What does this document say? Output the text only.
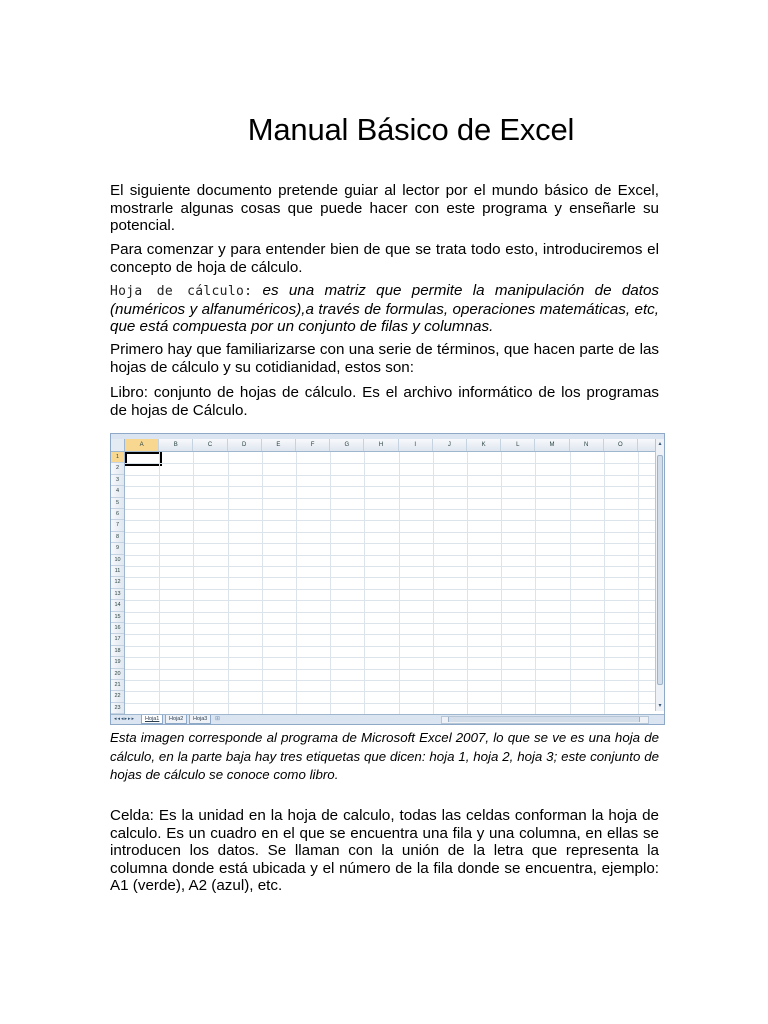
Manual Básico de Excel

El siguiente documento pretende guiar al lector por el mundo básico de Excel, mostrarle algunas cosas que puede hacer con este programa y enseñarle su potencial.

Para comenzar y para entender bien de que se trata todo esto, introduciremos el concepto de hoja de cálculo.

Hoja de cálculo: es una matriz que permite la manipulación de datos (numéricos y alfanuméricos),a través de formulas, operaciones matemáticas, etc, que está compuesta por un conjunto de filas y columnas.

Primero hay que familiarizarse con una serie de términos, que hacen parte de las hojas de cálculo y su cotidianidad, estos son:

Libro: conjunto de hojas de cálculo. Es el archivo informático de los programas de hojas de Cálculo.

A	B	C	D	E	F	G	H	I	J	K	L	M	N	O
1
2
3
4
5
6
7
8
9
10
11
12
13
14
15
16
17
18
19
20
21
22
23
▴
▾
◂◂◂▸▸▸	Hoja1	Hoja2	Hoja3	⊞

Esta imagen corresponde al programa de Microsoft Excel 2007, lo que se ve es una hoja de cálculo, en la parte baja hay tres etiquetas que dicen: hoja 1, hoja 2, hoja 3; este conjunto de hojas de cálculo se conoce como libro.

Celda: Es la unidad en la hoja de calculo, todas las celdas conforman la hoja de calculo. Es un cuadro en el que se encuentra una fila y una columna, en ellas se introducen los datos. Se llaman con la unión de la letra que representa la columna donde está ubicada y el número de la fila donde se encuentra, ejemplo: A1 (verde), A2 (azul), etc.
